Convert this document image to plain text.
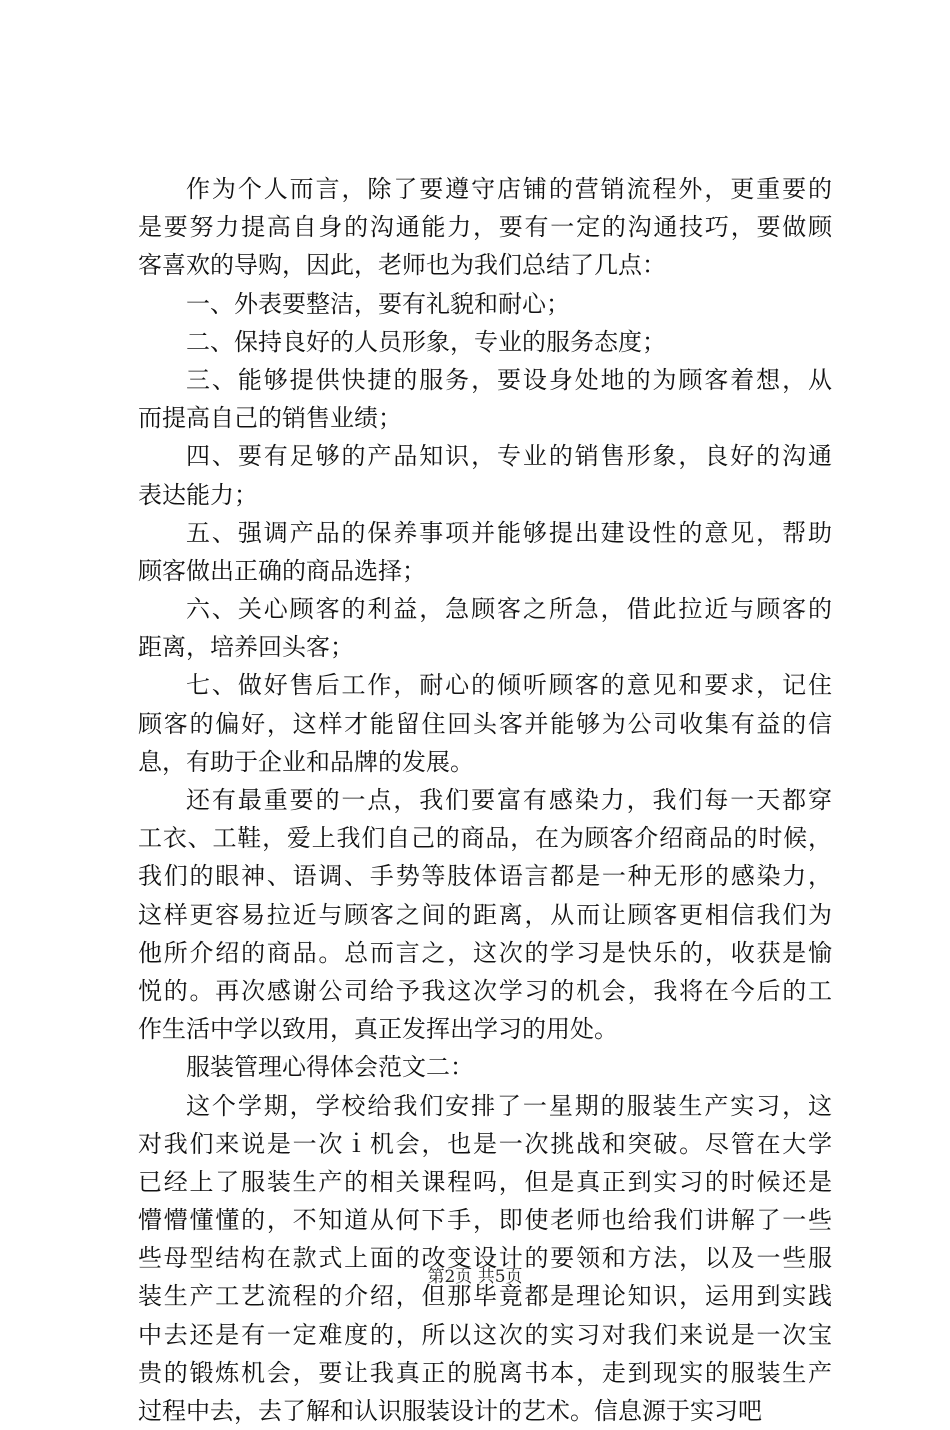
作为个人而言，除了要遵守店铺的营销流程外，更重要的
是要努力提高自身的沟通能力，要有一定的沟通技巧，要做顾
客喜欢的导购，因此，老师也为我们总结了几点：
一、外表要整洁，要有礼貌和耐心；
二、保持良好的人员形象，专业的服务态度；
三、能够提供快捷的服务，要设身处地的为顾客着想，从
而提高自己的销售业绩；
四、要有足够的产品知识，专业的销售形象，良好的沟通
表达能力；
五、强调产品的保养事项并能够提出建设性的意见，帮助
顾客做出正确的商品选择；
六、关心顾客的利益，急顾客之所急，借此拉近与顾客的
距离，培养回头客；
七、做好售后工作，耐心的倾听顾客的意见和要求，记住
顾客的偏好，这样才能留住回头客并能够为公司收集有益的信
息，有助于企业和品牌的发展。
还有最重要的一点，我们要富有感染力，我们每一天都穿
工衣、工鞋，爱上我们自己的商品，在为顾客介绍商品的时候，
我们的眼神、语调、手势等肢体语言都是一种无形的感染力，
这样更容易拉近与顾客之间的距离，从而让顾客更相信我们为
他所介绍的商品。总而言之，这次的学习是快乐的，收获是愉
悦的。再次感谢公司给予我这次学习的机会，我将在今后的工
作生活中学以致用，真正发挥出学习的用处。
服装管理心得体会范文二：
这个学期，学校给我们安排了一星期的服装生产实习，这
对我们来说是一次ｉ机会，也是一次挑战和突破。尽管在大学
已经上了服装生产的相关课程吗，但是真正到实习的时候还是
懵懵懂懂的，不知道从何下手，即使老师也给我们讲解了一些
些母型结构在款式上面的改变设计的要领和方法，以及一些服
装生产工艺流程的介绍，但那毕竟都是理论知识，运用到实践
中去还是有一定难度的，所以这次的实习对我们来说是一次宝
贵的锻炼机会，要让我真正的脱离书本，走到现实的服装生产
过程中去，去了解和认识服装设计的艺术。信息源于实习吧
第2页 共5页
